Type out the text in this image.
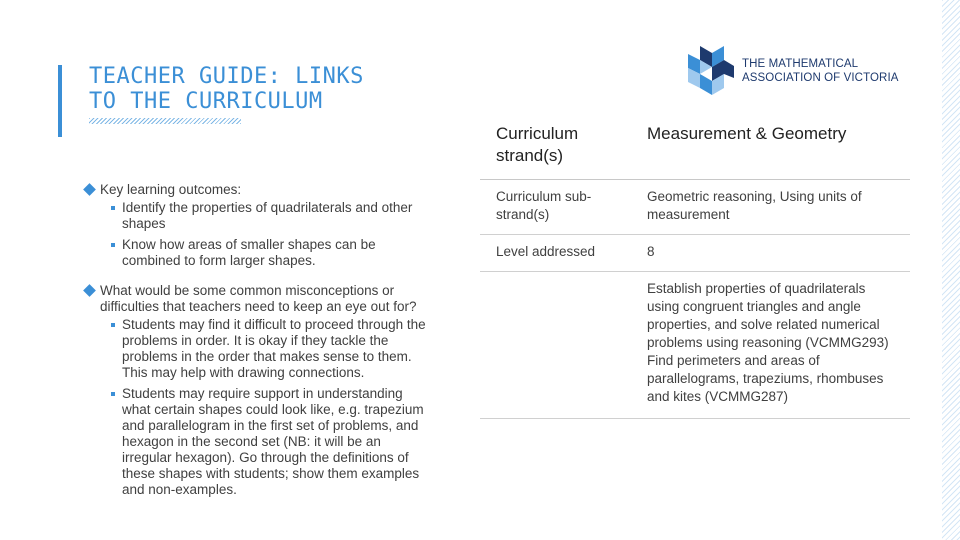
TEACHER GUIDE: LINKS
TO THE CURRICULUM
THE MATHEMATICAL
ASSOCIATION OF VICTORIA
Key learning outcomes:
Identify the properties of quadrilaterals and other shapes
Know how areas of smaller shapes can be combined to form larger shapes.
What would be some common misconceptions or difficulties that teachers need to keep an eye out for?
Students may find it difficult to proceed through the problems in order. It is okay if they tackle the problems in the order that makes sense to them. This may help with drawing connections.
Students may require support in understanding what certain shapes could look like, e.g. trapezium and parallelogram in the first set of problems, and hexagon in the second set (NB: it will be an irregular hexagon). Go through the definitions of these shapes with students; show them examples and non-examples.
Curriculum strand(s)	Measurement & Geometry
Curriculum sub-strand(s)	Geometric reasoning, Using units of measurement
Level addressed	8

	Establish properties of quadrilaterals using congruent triangles and angle properties, and solve related numerical problems using reasoning (VCMMG293)
Find perimeters and areas of parallelograms, trapeziums, rhombuses and kites (VCMMG287)
